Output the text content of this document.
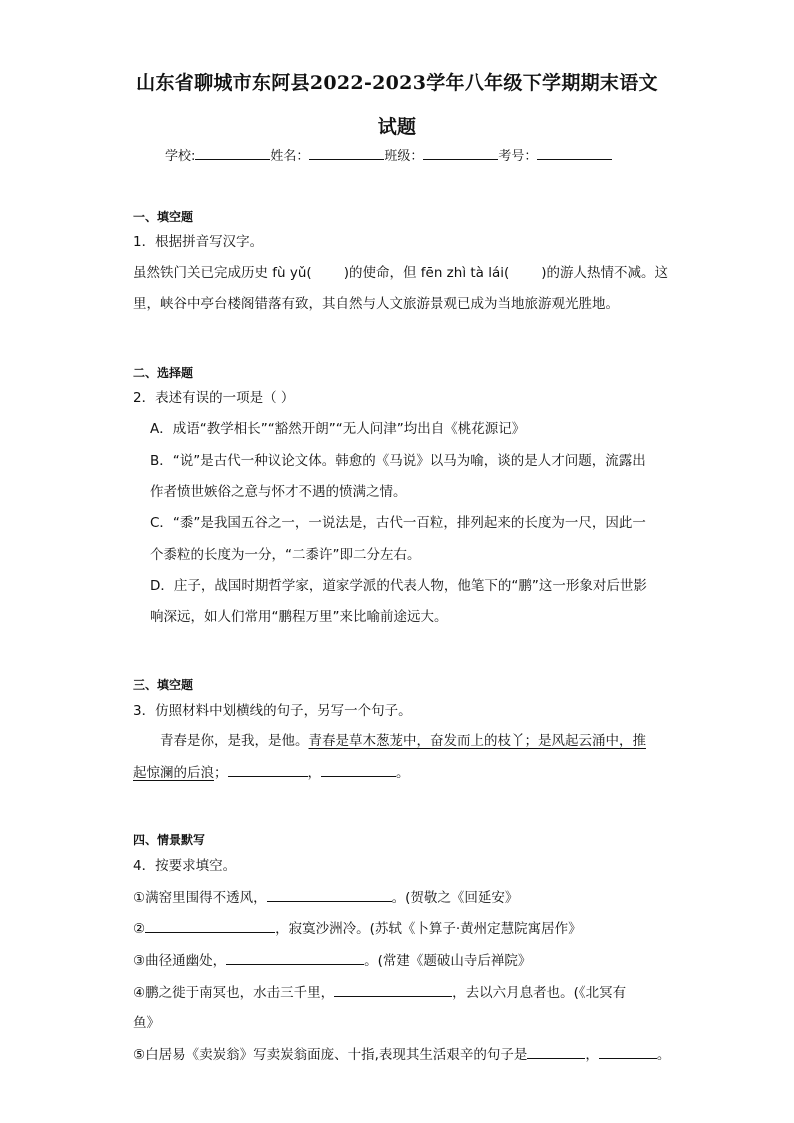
山东省聊城市东阿县2022-2023学年八年级下学期期末语文
试题
学校:	姓名：	班级：	考号：
一、填空题
1．根据拼音写汉字。
虽然铁门关已完成历史 fù yǔ( )的使命，但 fēn zhì tà lái( )的游人热情不减。这
里，峡谷中亭台楼阁错落有致，其自然与人文旅游景观已成为当地旅游观光胜地。
二、选择题
2．表述有误的一项是（ ）
A．成语“教学相长”“豁然开朗”“无人问津”均出自《桃花源记》
B．“说”是古代一种议论文体。韩愈的《马说》以马为喻，谈的是人才问题，流露出
作者愤世嫉俗之意与怀才不遇的愤满之情。
C．“黍”是我国五谷之一，一说法是，古代一百粒，排列起来的长度为一尺，因此一
个黍粒的长度为一分，“二黍许”即二分左右。
D．庄子，战国时期哲学家，道家学派的代表人物，他笔下的“鹏”这一形象对后世影
响深远，如人们常用“鹏程万里”来比喻前途远大。
三、填空题
3．仿照材料中划横线的句子，另写一个句子。
青春是你，是我，是他。青春是草木葱茏中，奋发而上的枝丫；是风起云涌中，推
起惊澜的后浪；	，	。
四、情景默写
4．按要求填空。
①满窑里围得不透风，	。(贺敬之《回延安》
②	，寂寞沙洲冷。(苏轼《卜算子·黄州定慧院寓居作》
③曲径通幽处，	。(常建《题破山寺后禅院》
④鹏之徙于南冥也，水击三千里，	，去以六月息者也。(《北冥有
鱼》
⑤白居易《卖炭翁》写卖炭翁面庞、十指,表现其生活艰辛的句子是	，	。
